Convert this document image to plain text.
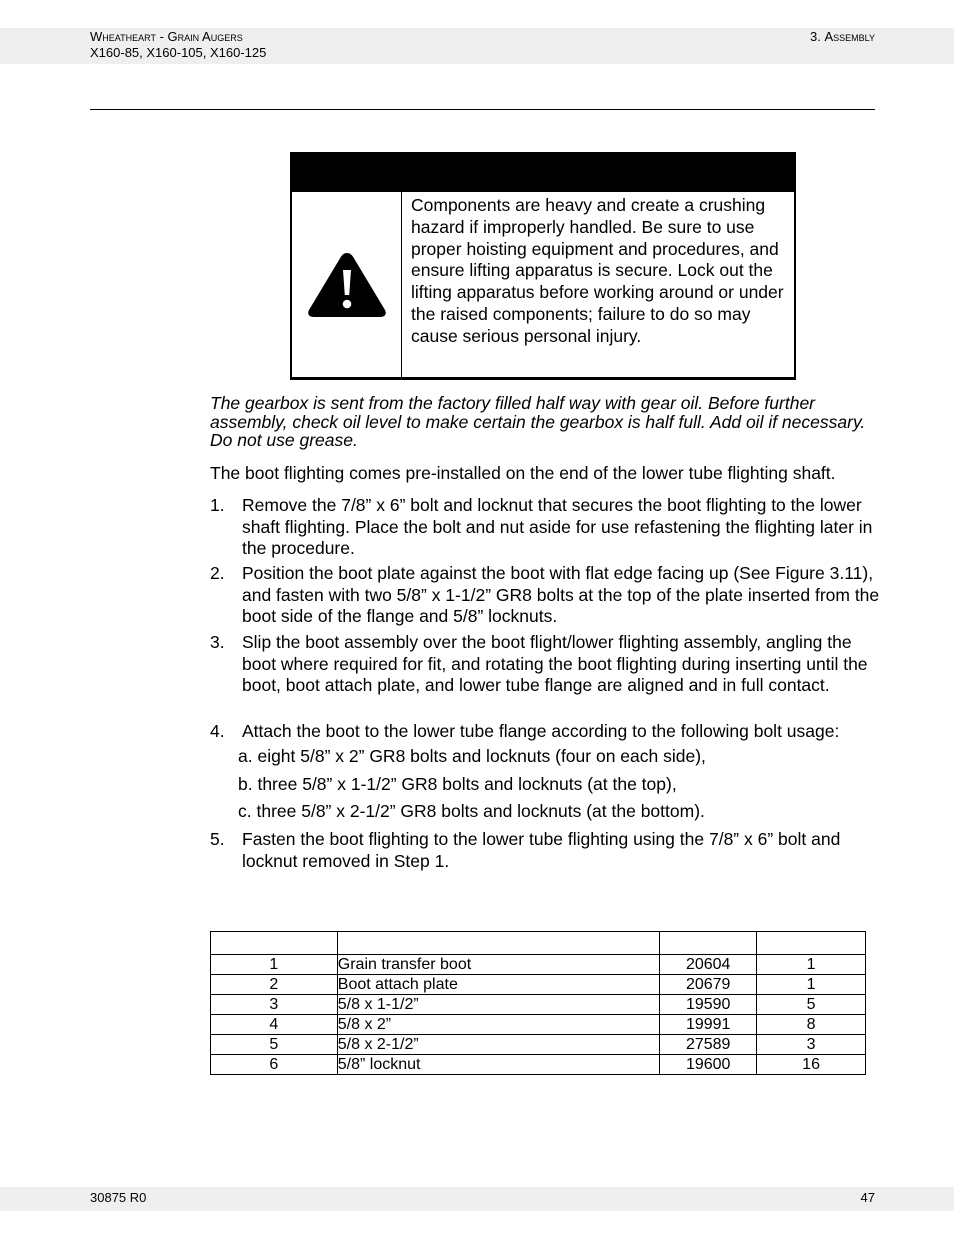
Wheatheart - Grain Augers
X160-85, X160-105, X160-125
3. Assembly
Components are heavy and create a crushing hazard if improperly handled. Be sure to use proper hoisting equipment and procedures, and ensure lifting apparatus is secure. Lock out the lifting apparatus before working around or under the raised components; failure to do so may cause serious personal injury.
The gearbox is sent from the factory filled half way with gear oil. Before further assembly, check oil level to make certain the gearbox is half full. Add oil if necessary. Do not use grease.
The boot flighting comes pre-installed on the end of the lower tube flighting shaft.
1. Remove the 7/8” x 6” bolt and locknut that secures the boot flighting to the lower shaft flighting. Place the bolt and nut aside for use refastening the flighting later in the procedure.
2. Position the boot plate against the boot with flat edge facing up (See Figure 3.11), and fasten with two 5/8” x 1-1/2” GR8 bolts at the top of the plate inserted from the boot side of the flange and 5/8” locknuts.
3. Slip the boot assembly over the boot flight/lower flighting assembly, angling the boot where required for fit, and rotating the boot flighting during inserting until the boot, boot attach plate, and lower tube flange are aligned and in full contact.
4. Attach the boot to the lower tube flange according to the following bolt usage:
a. eight 5/8” x 2” GR8 bolts and locknuts (four on each side),
b. three 5/8” x 1-1/2” GR8 bolts and locknuts (at the top),
c. three 5/8” x 2-1/2” GR8 bolts and locknuts (at the bottom).
5. Fasten the boot flighting to the lower tube flighting using the 7/8” x 6” bolt and locknut removed in Step 1.

1	Grain transfer boot	20604	1
2	Boot attach plate	20679	1
3	5/8 x 1-1/2”	19590	5
4	5/8 x 2”	19991	8
5	5/8 x 2-1/2”	27589	3
6	5/8” locknut	19600	16
30875 R0	47
